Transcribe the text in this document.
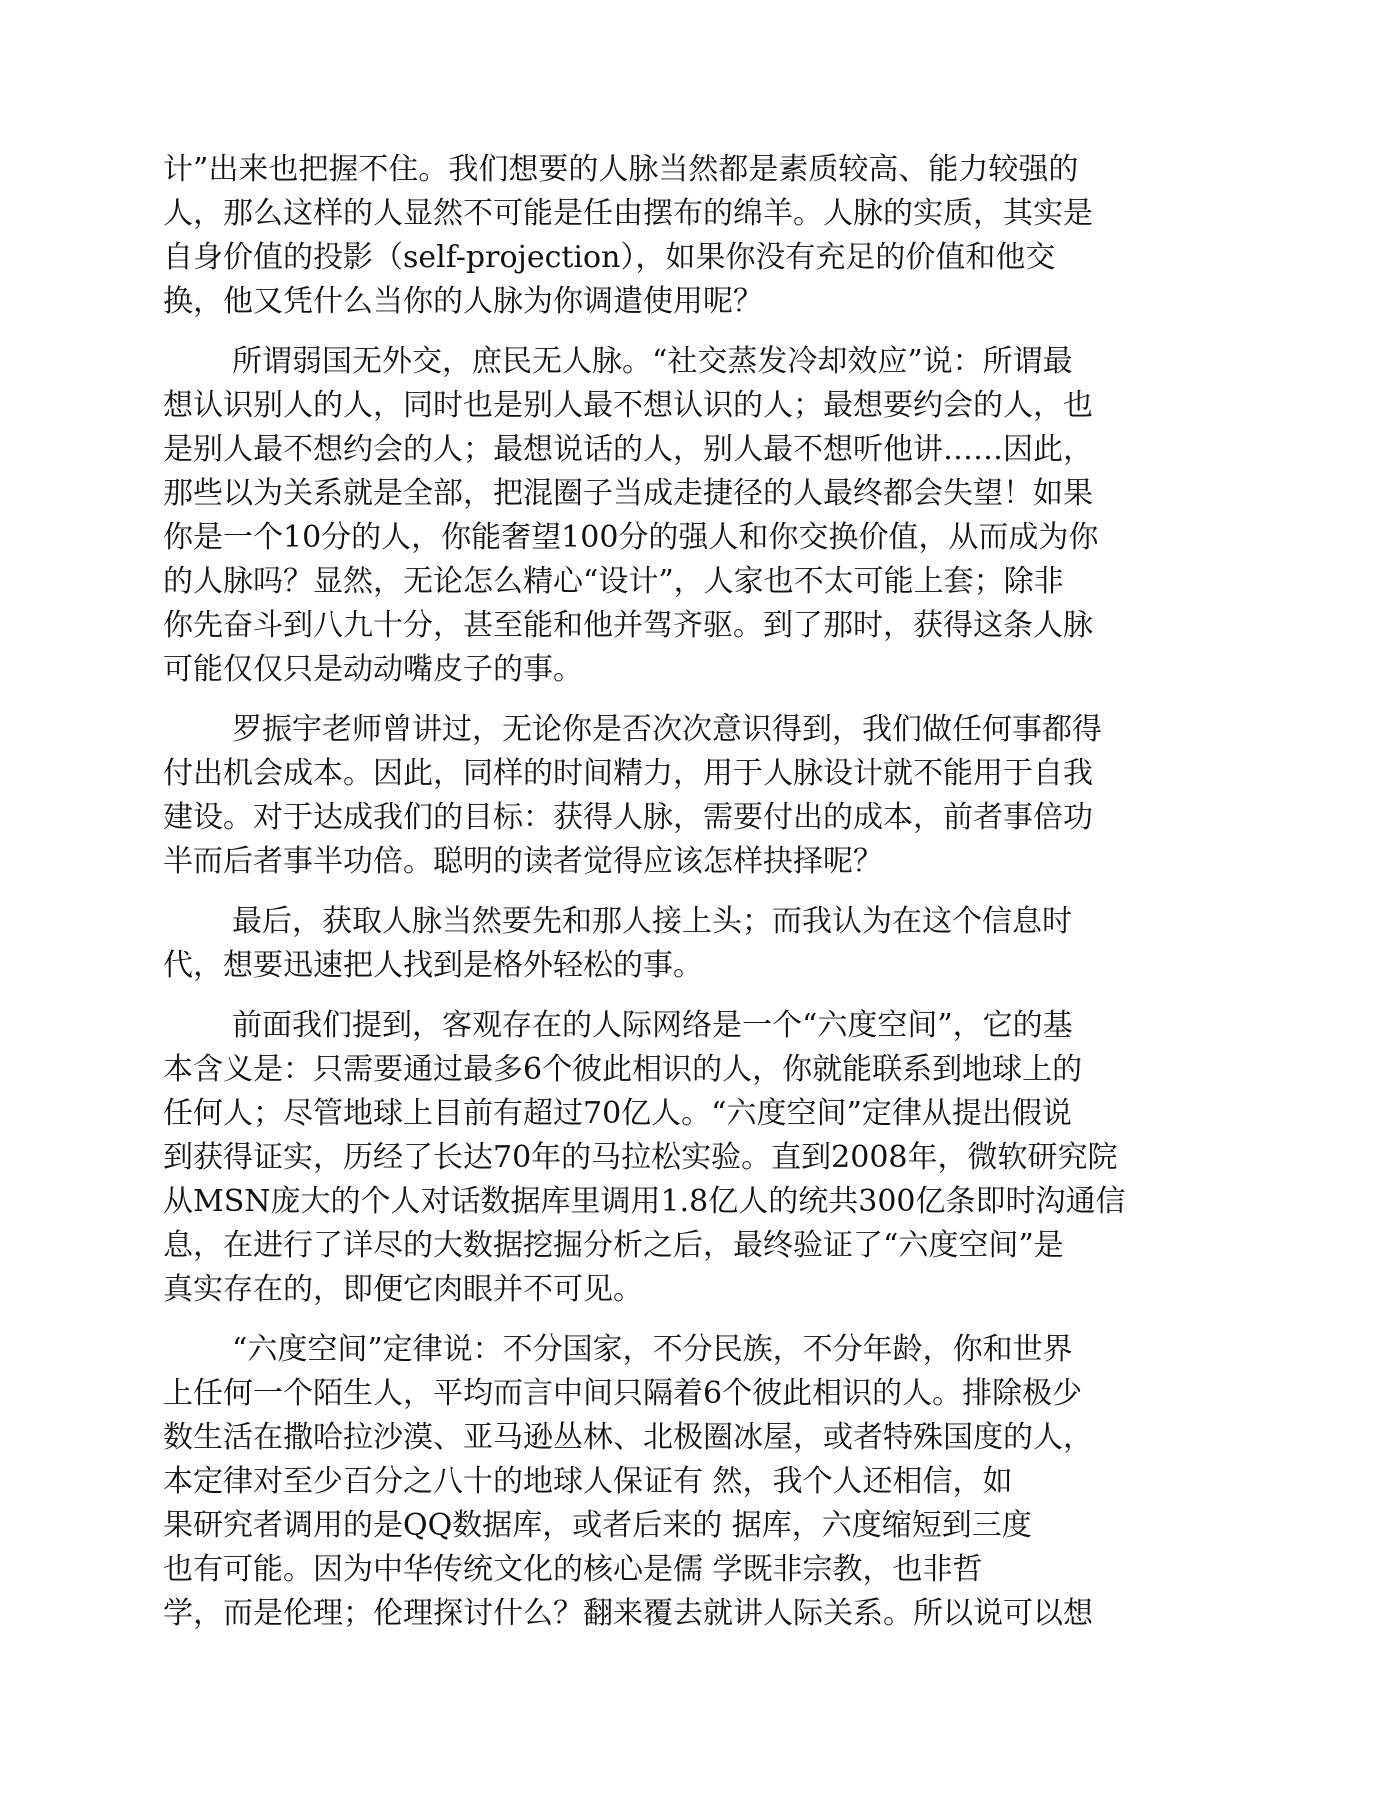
计”出来也把握不住。我们想要的人脉当然都是素质较高、能力较强的

人，那么这样的人显然不可能是任由摆布的绵羊。人脉的实质，其实是

自身价值的投影（self-projection），如果你没有充足的价值和他交

换，他又凭什么当你的人脉为你调遣使用呢？

所谓弱国无外交，庶民无人脉。“社交蒸发冷却效应”说：所谓最

想认识别人的人，同时也是别人最不想认识的人；最想要约会的人，也

是别人最不想约会的人；最想说话的人，别人最不想听他讲……因此，

那些以为关系就是全部，把混圈子当成走捷径的人最终都会失望！如果

你是一个10分的人，你能奢望100分的强人和你交换价值，从而成为你

的人脉吗？显然，无论怎么精心“设计”，人家也不太可能上套；除非

你先奋斗到八九十分，甚至能和他并驾齐驱。到了那时，获得这条人脉

可能仅仅只是动动嘴皮子的事。

罗振宇老师曾讲过，无论你是否次次意识得到，我们做任何事都得

付出机会成本。因此，同样的时间精力，用于人脉设计就不能用于自我

建设。对于达成我们的目标：获得人脉，需要付出的成本，前者事倍功

半而后者事半功倍。聪明的读者觉得应该怎样抉择呢？

最后，获取人脉当然要先和那人接上头；而我认为在这个信息时

代，想要迅速把人找到是格外轻松的事。

前面我们提到，客观存在的人际网络是一个“六度空间”，它的基

本含义是：只需要通过最多6个彼此相识的人，你就能联系到地球上的

任何人；尽管地球上目前有超过70亿人。“六度空间”定律从提出假说

到获得证实，历经了长达70年的马拉松实验。直到2008年，微软研究院

从MSN庞大的个人对话数据库里调用1.8亿人的统共300亿条即时沟通信

息，在进行了详尽的大数据挖掘分析之后，最终验证了“六度空间”是

真实存在的，即便它肉眼并不可见。

“六度空间”定律说：不分国家，不分民族，不分年龄，你和世界

上任何一个陌生人，平均而言中间只隔着6个彼此相识的人。排除极少

数生活在撒哈拉沙漠、亚马逊丛林、北极圈冰屋，或者特殊国度的人，

本定律对至少百分之八十的地球人保证有 然，我个人还相信，如

果研究者调用的是QQ数据库，或者后来的 据库，六度缩短到三度

也有可能。因为中华传统文化的核心是儒 学既非宗教，也非哲

学，而是伦理；伦理探讨什么？翻来覆去就讲人际关系。所以说可以想
